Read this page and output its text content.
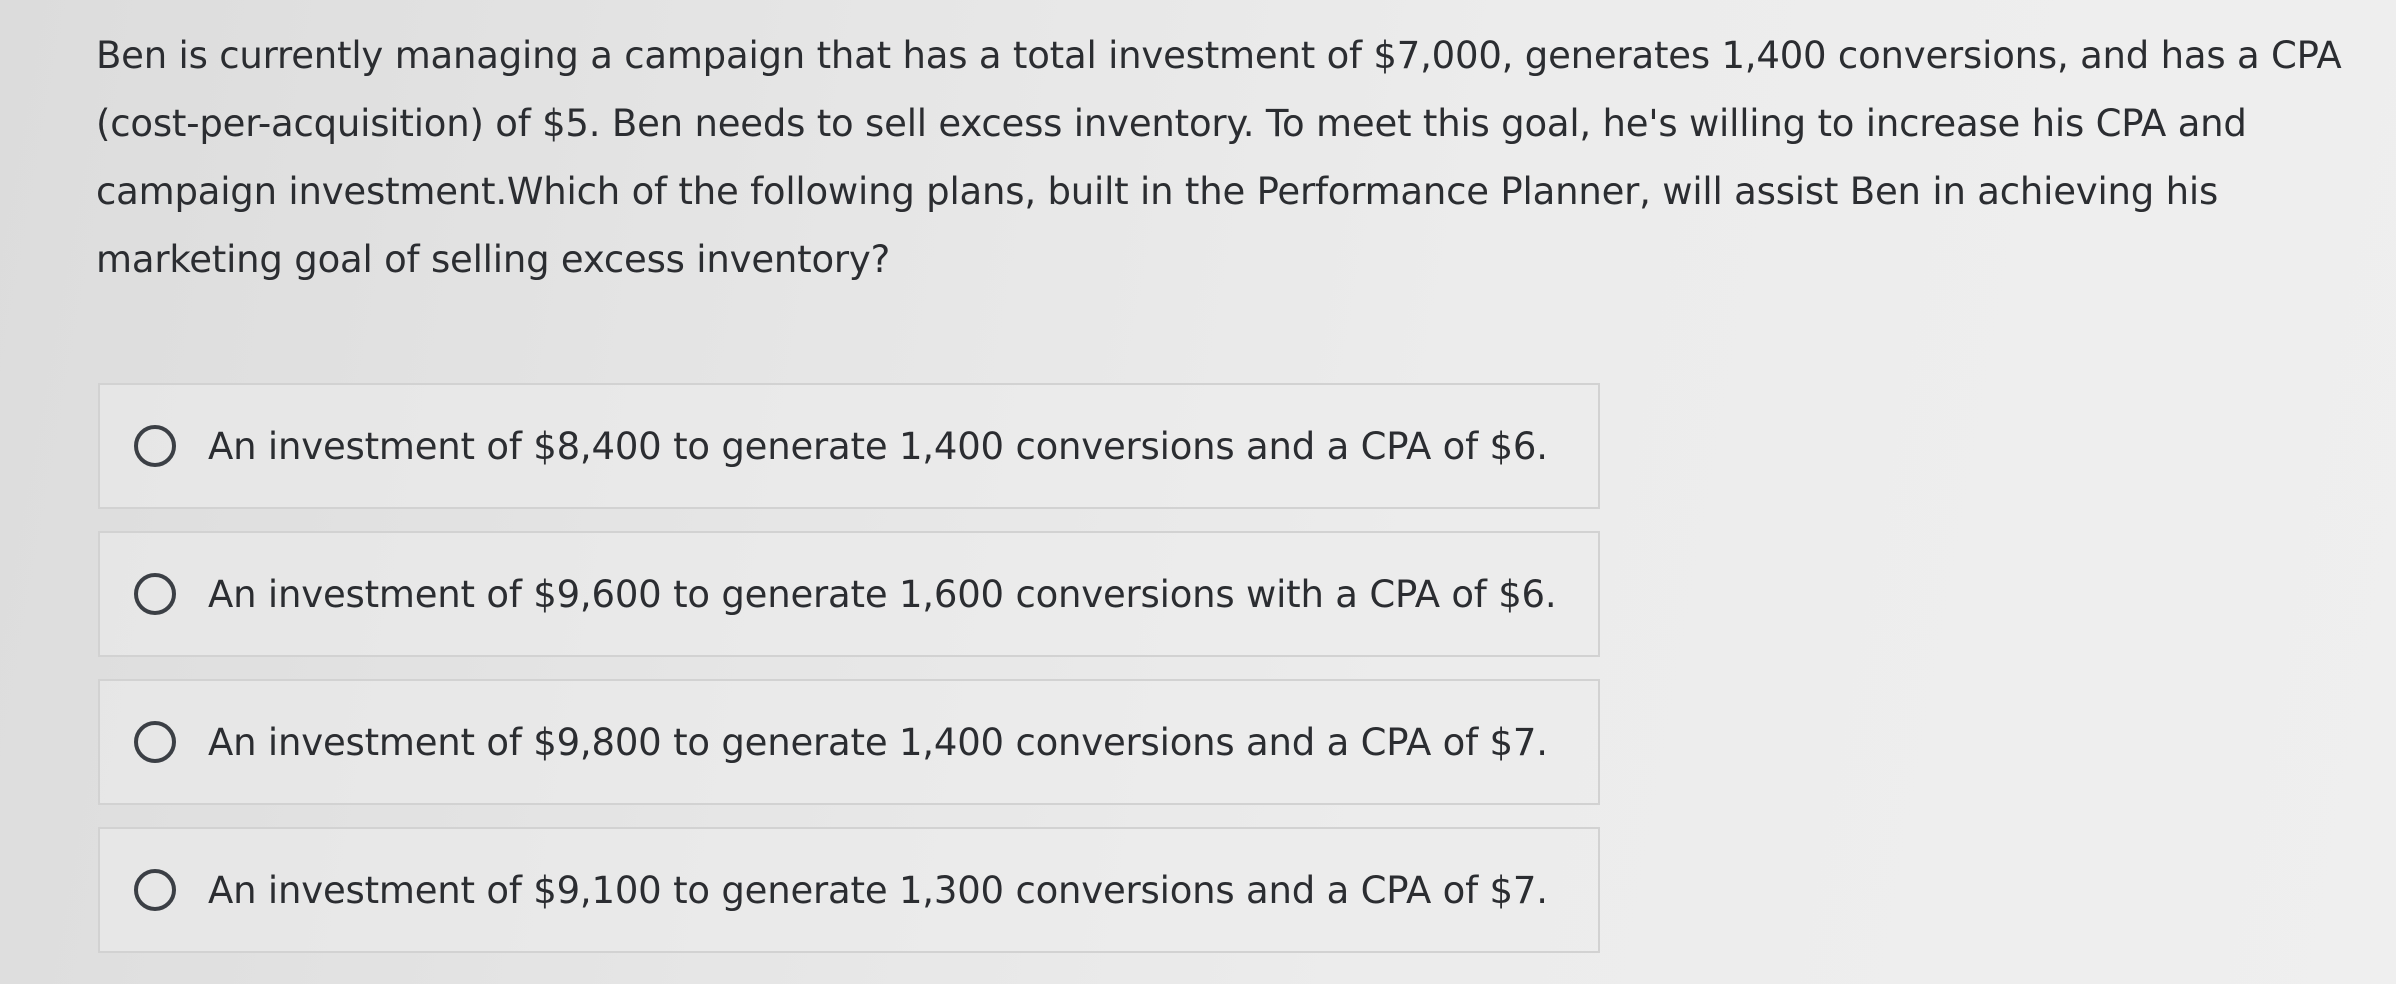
Ben is currently managing a campaign that has a total investment of $7,000, generates 1,400 conversions, and has a CPA (cost-per-acquisition) of $5. Ben needs to sell excess inventory. To meet this goal, he's willing to increase his CPA and campaign investment.Which of the following plans, built in the Performance Planner, will assist Ben in achieving his marketing goal of selling excess inventory?
An investment of $8,400 to generate 1,400 conversions and a CPA of $6.
An investment of $9,600 to generate 1,600 conversions with a CPA of $6.
An investment of $9,800 to generate 1,400 conversions and a CPA of $7.
An investment of $9,100 to generate 1,300 conversions and a CPA of $7.
